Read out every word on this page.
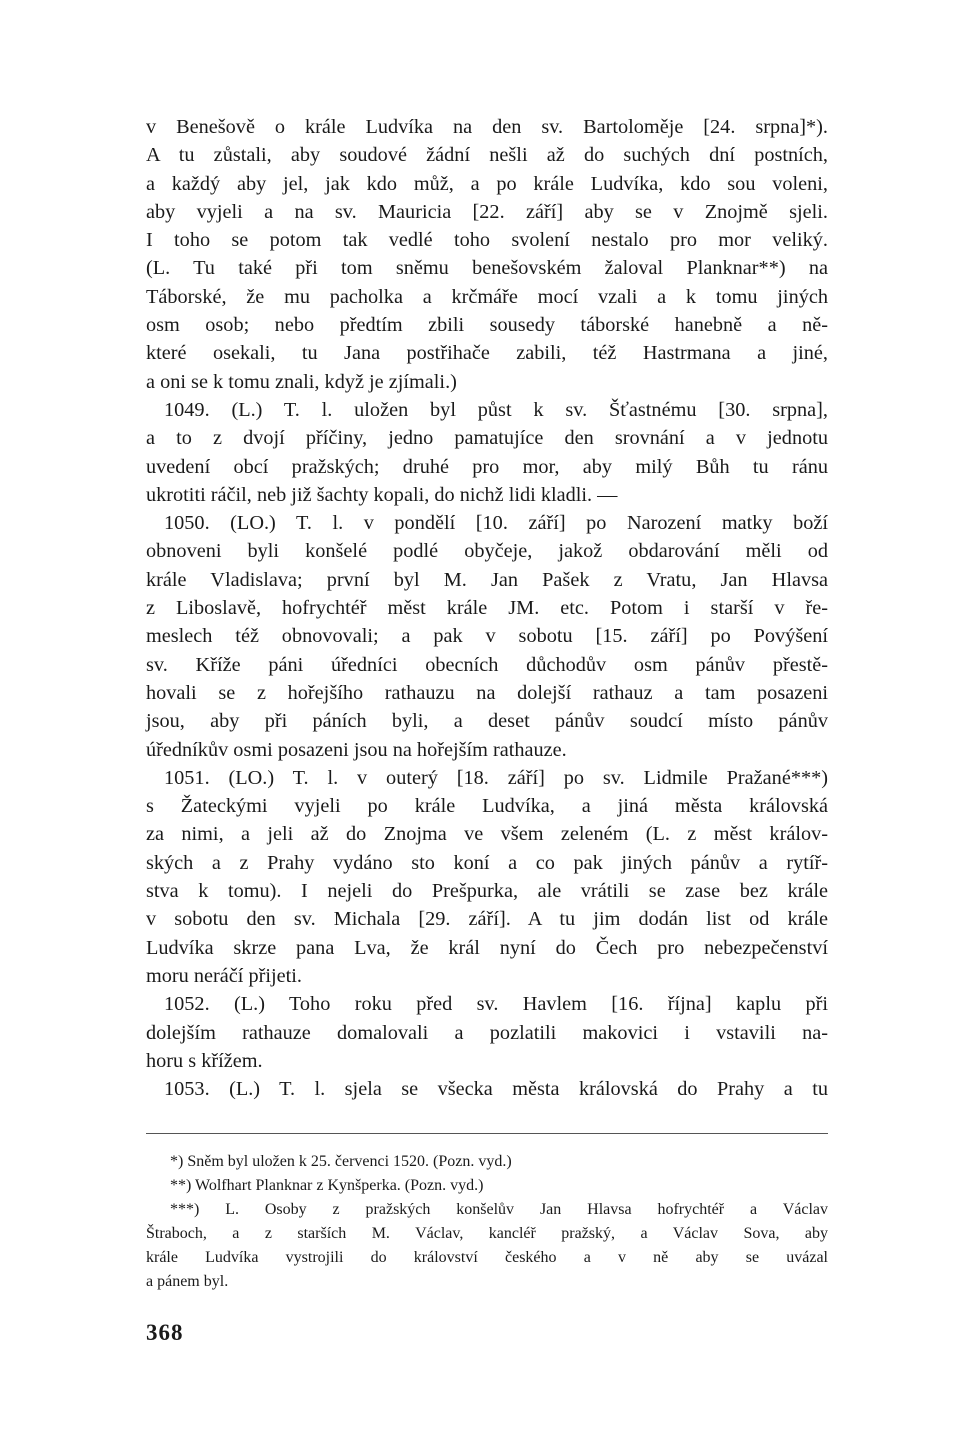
v Benešově o krále Ludvíka na den sv. Bartoloměje [24. srpna]*).
A tu zůstali, aby soudové žádní nešli až do suchých dní postních,
a každý aby jel, jak kdo můž, a po krále Ludvíka, kdo sou voleni,
aby vyjeli a na sv. Mauricia [22. září] aby se v Znojmě sjeli.
I toho se potom tak vedlé toho svolení nestalo pro mor veliký.
(L. Tu také při tom sněmu benešovském žaloval Planknar**) na
Táborské, že mu pacholka a krčmáře mocí vzali a k tomu jiných
osm osob; nebo předtím zbili sousedy táborské hanebně a ně-
které osekali, tu Jana postřihače zabili, též Hastrmana a jiné,
a oni se k tomu znali, když je zjímali.)
1049. (L.) T. l. uložen byl půst k sv. Šťastnému [30. srpna],
a to z dvojí příčiny, jedno pamatujíce den srovnání a v jednotu
uvedení obcí pražských; druhé pro mor, aby milý Bůh tu ránu
ukrotiti ráčil, neb již šachty kopali, do nichž lidi kladli. —
1050. (LO.) T. l. v pondělí [10. září] po Narození matky boží
obnoveni byli konšelé podlé obyčeje, jakož obdarování měli od
krále Vladislava; první byl M. Jan Pašek z Vratu, Jan Hlavsa
z Liboslavě, hofrychtéř měst krále JM. etc. Potom i starší v ře-
meslech též obnovovali; a pak v sobotu [15. září] po Povýšení
sv. Kříže páni úředníci obecních důchodův osm pánův přestě-
hovali se z hořejšího rathauzu na dolejší rathauz a tam posazeni
jsou, aby při páních byli, a deset pánův soudcí místo pánův
úředníkův osmi posazeni jsou na hořejším rathauze.
1051. (LO.) T. l. v outerý [18. září] po sv. Lidmile Pražané***)
s Žateckými vyjeli po krále Ludvíka, a jiná města královská
za nimi, a jeli až do Znojma ve všem zeleném (L. z měst králov-
ských a z Prahy vydáno sto koní a co pak jiných pánův a rytíř-
stva k tomu). I nejeli do Prešpurka, ale vrátili se zase bez krále
v sobotu den sv. Michala [29. září]. A tu jim dodán list od krále
Ludvíka skrze pana Lva, že král nyní do Čech pro nebezpečenství
moru neráčí přijeti.
1052. (L.) Toho roku před sv. Havlem [16. října] kaplu při
dolejším rathauze domalovali a pozlatili makovici i vstavili na-
horu s křížem.
1053. (L.) T. l. sjela se všecka města královská do Prahy a tu
*) Sněm byl uložen k 25. červenci 1520. (Pozn. vyd.)
**) Wolfhart Planknar z Kynšperka. (Pozn. vyd.)
***) L. Osoby z pražských konšelův Jan Hlavsa hofrychtéř a Václav
Štraboch, a z starších M. Václav, kancléř pražský, a Václav Sova, aby
krále Ludvíka vystrojili do království českého a v ně aby se uvázal
a pánem byl.
368
